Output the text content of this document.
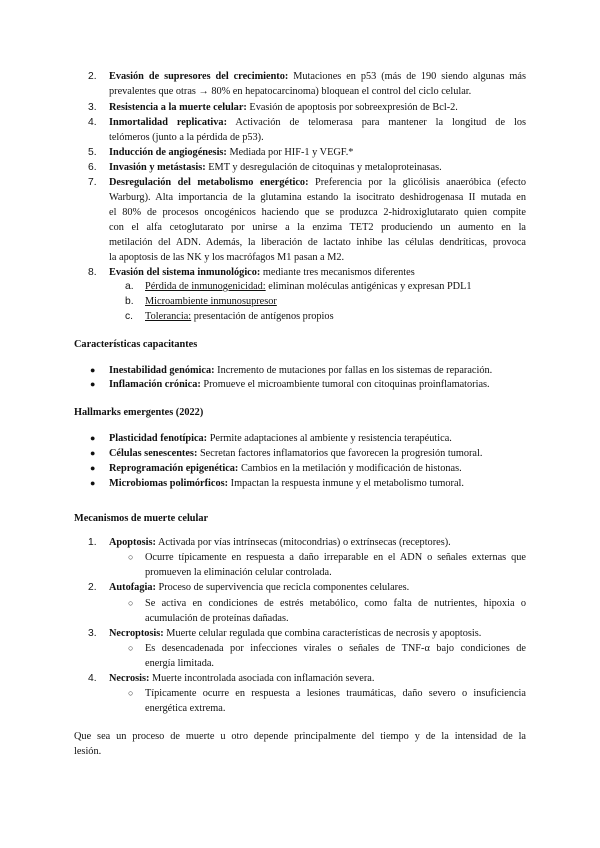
2. Evasión de supresores del crecimiento: Mutaciones en p53 (más de 190 siendo algunas más
prevalentes que otras → 80% en hepatocarcinoma) bloquean el control del ciclo celular.
3. Resistencia a la muerte celular: Evasión de apoptosis por sobreexpresión de Bcl-2.
4. Inmortalidad replicativa: Activación de telomerasa para mantener la longitud de los
telómeros (junto a la pérdida de p53).
5. Inducción de angiogénesis: Mediada por HIF-1 y VEGF.*
6. Invasión y metástasis: EMT y desregulación de citoquinas y metaloproteinasas.
7. Desregulación del metabolismo energético: Preferencia por la glicólisis anaeróbica (efecto
Warburg). Alta importancia de la glutamina estando la isocitrato deshidrogenasa II mutada en
el 80% de procesos oncogénicos haciendo que se produzca 2-hidroxiglutarato quien compite
con el alfa cetoglutarato por unirse a la enzima TET2 produciendo un aumento en la
metilación del ADN. Además, la liberación de lactato inhibe las células dendríticas, provoca
la apoptosis de las NK y los macrófagos M1 pasan a M2.
8. Evasión del sistema inmunológico: mediante tres mecanismos diferentes
a. Pérdida de inmunogenicidad: eliminan moléculas antigénicas y expresan PDL1
b. Microambiente inmunosupresor
c. Tolerancia: presentación de antígenos propios
Características capacitantes
● Inestabilidad genómica: Incremento de mutaciones por fallas en los sistemas de reparación.
● Inflamación crónica: Promueve el microambiente tumoral con citoquinas proinflamatorias.
Hallmarks emergentes (2022)
● Plasticidad fenotípica: Permite adaptaciones al ambiente y resistencia terapéutica.
● Células senescentes: Secretan factores inflamatorios que favorecen la progresión tumoral.
● Reprogramación epigenética: Cambios en la metilación y modificación de histonas.
● Microbiomas polimórficos: Impactan la respuesta inmune y el metabolismo tumoral.
Mecanismos de muerte celular
1. Apoptosis: Activada por vías intrínsecas (mitocondrias) o extrínsecas (receptores).
○ Ocurre típicamente en respuesta a daño irreparable en el ADN o señales externas que
promueven la eliminación celular controlada.
2. Autofagia: Proceso de supervivencia que recicla componentes celulares.
○ Se activa en condiciones de estrés metabólico, como falta de nutrientes, hipoxia o
acumulación de proteínas dañadas.
3. Necroptosis: Muerte celular regulada que combina características de necrosis y apoptosis.
○ Es desencadenada por infecciones virales o señales de TNF-α bajo condiciones de
energía limitada.
4. Necrosis: Muerte incontrolada asociada con inflamación severa.
○ Típicamente ocurre en respuesta a lesiones traumáticas, daño severo o insuficiencia
energética extrema.
Que sea un proceso de muerte u otro depende principalmente del tiempo y de la intensidad de la
lesión.
